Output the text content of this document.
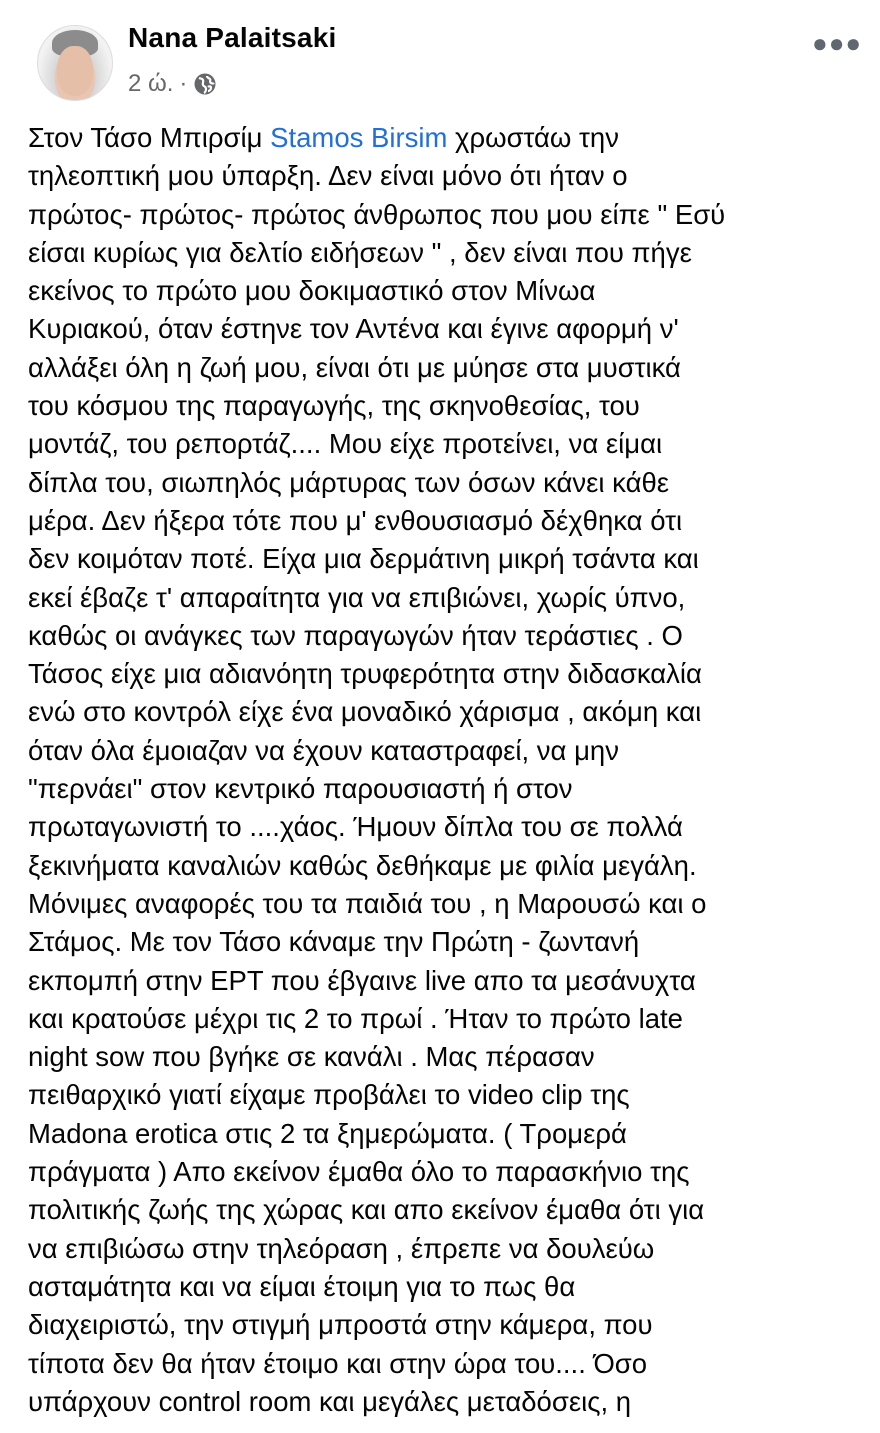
Nana Palaitsaki
2 ώ. ·
●●●
Στον Τάσο Μπιρσίμ Stamos Birsim χρωστάω την
τηλεοπτική μου ύπαρξη. Δεν είναι μόνο ότι ήταν ο
πρώτος- πρώτος- πρώτος άνθρωπος που μου είπε " Εσύ
είσαι κυρίως για δελτίο ειδήσεων " , δεν είναι που πήγε
εκείνος το πρώτο μου δοκιμαστικό στον Μίνωα
Κυριακού, όταν έστηνε τον Αντένα και έγινε αφορμή ν'
αλλάξει όλη η ζωή μου, είναι ότι με μύησε στα μυστικά
του κόσμου της παραγωγής, της σκηνοθεσίας, του
μοντάζ, του ρεπορτάζ.... Μου είχε προτείνει, να είμαι
δίπλα του, σιωπηλός μάρτυρας των όσων κάνει κάθε
μέρα. Δεν ήξερα τότε που μ' ενθουσιασμό δέχθηκα ότι
δεν κοιμόταν ποτέ. Είχα μια δερμάτινη μικρή τσάντα και
εκεί έβαζε τ' απαραίτητα για να επιβιώνει, χωρίς ύπνο,
καθώς οι ανάγκες των παραγωγών ήταν τεράστιες . Ο
Τάσος είχε μια αδιανόητη τρυφερότητα στην διδασκαλία
ενώ στο κοντρόλ είχε ένα μοναδικό χάρισμα , ακόμη και
όταν όλα έμοιαζαν να έχουν καταστραφεί, να μην
"περνάει" στον κεντρικό παρουσιαστή ή στον
πρωταγωνιστή το ....χάος. Ήμουν δίπλα του σε πολλά
ξεκινήματα καναλιών καθώς δεθήκαμε με φιλία μεγάλη.
Μόνιμες αναφορές του τα παιδιά του , η Μαρουσώ και ο
Στάμος. Με τον Τάσο κάναμε την Πρώτη - ζωντανή
εκπομπή στην ΕΡΤ που έβγαινε live απο τα μεσάνυχτα
και κρατούσε μέχρι τις 2 το πρωί . Ήταν το πρώτο late
night sow που βγήκε σε κανάλι . Μας πέρασαν
πειθαρχικό γιατί είχαμε προβάλει το video clip της
Madona erotica στις 2 τα ξημερώματα. ( Τρομερά
πράγματα ) Απο εκείνον έμαθα όλο το παρασκήνιο της
πολιτικής ζωής της χώρας και απο εκείνον έμαθα ότι για
να επιβιώσω στην τηλεόραση , έπρεπε να δουλεύω
ασταμάτητα και να είμαι έτοιμη για το πως θα
διαχειριστώ, την στιγμή μπροστά στην κάμερα, που
τίποτα δεν θα ήταν έτοιμο και στην ώρα του.... Όσο
υπάρχουν control room και μεγάλες μεταδόσεις, η
